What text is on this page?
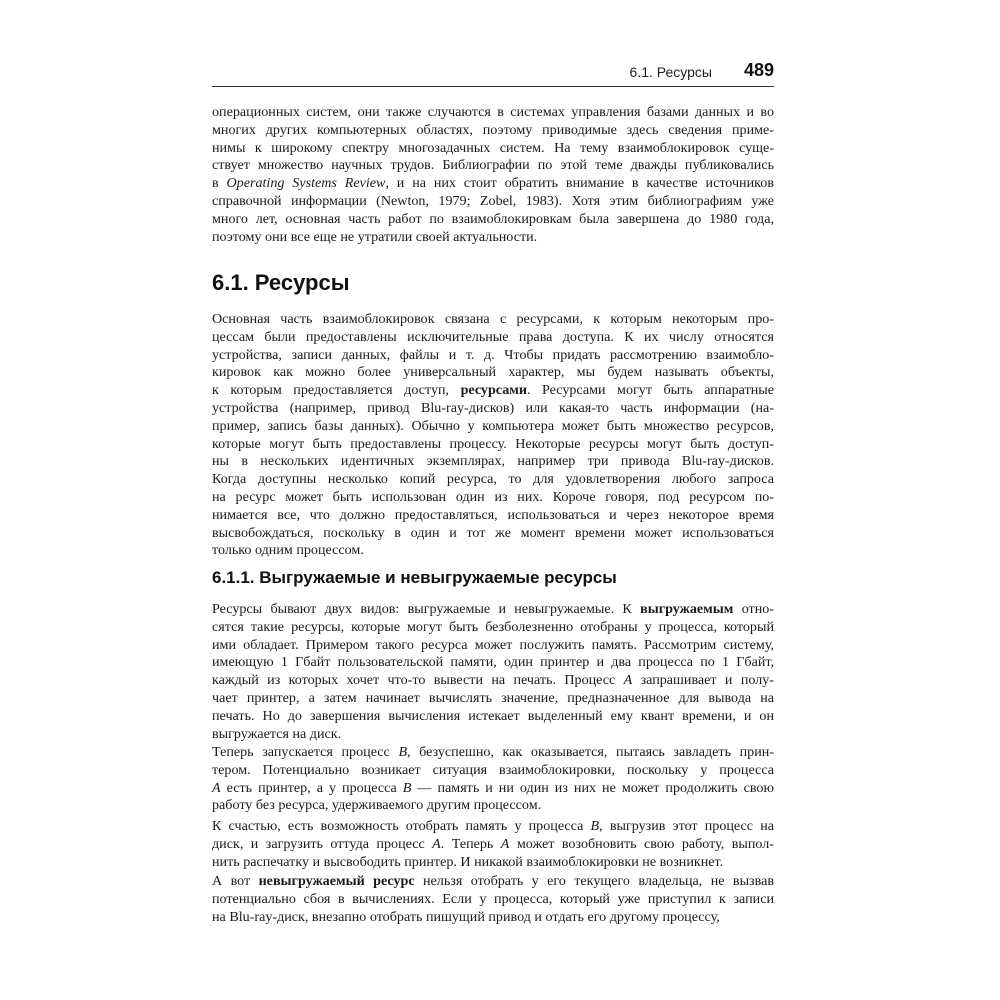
6.1. Ресурсы 489
операционных систем, они также случаются в системах управления базами данных и во
многих других компьютерных областях, поэтому приводимые здесь сведения приме-
нимы к широкому спектру многозадачных систем. На тему взаимоблокировок суще-
ствует множество научных трудов. Библиографии по этой теме дважды публиковались
в Operating Systems Review, и на них стоит обратить внимание в качестве источников
справочной информации (Newton, 1979; Zobel, 1983). Хотя этим библиографиям уже
много лет, основная часть работ по взаимоблокировкам была завершена до 1980 года,
поэтому они все еще не утратили своей актуальности.
6.1. Ресурсы
Основная часть взаимоблокировок связана с ресурсами, к которым некоторым про-
цессам были предоставлены исключительные права доступа. К их числу относятся
устройства, записи данных, файлы и т. д. Чтобы придать рассмотрению взаимобло-
кировок как можно более универсальный характер, мы будем называть объекты,
к которым предоставляется доступ, ресурсами. Ресурсами могут быть аппаратные
устройства (например, привод Blu-ray-дисков) или какая-то часть информации (на-
пример, запись базы данных). Обычно у компьютера может быть множество ресурсов,
которые могут быть предоставлены процессу. Некоторые ресурсы могут быть доступ-
ны в нескольких идентичных экземплярах, например три привода Blu-ray-дисков.
Когда доступны несколько копий ресурса, то для удовлетворения любого запроса
на ресурс может быть использован один из них. Короче говоря, под ресурсом по-
нимается все, что должно предоставляться, использоваться и через некоторое время
высвобождаться, поскольку в один и тот же момент времени может использоваться
только одним процессом.
6.1.1. Выгружаемые и невыгружаемые ресурсы
Ресурсы бывают двух видов: выгружаемые и невыгружаемые. К выгружаемым отно-
сятся такие ресурсы, которые могут быть безболезненно отобраны у процесса, который
ими обладает. Примером такого ресурса может послужить память. Рассмотрим систему,
имеющую 1 Гбайт пользовательской памяти, один принтер и два процесса по 1 Гбайт,
каждый из которых хочет что-то вывести на печать. Процесс A запрашивает и полу-
чает принтер, а затем начинает вычислять значение, предназначенное для вывода на
печать. Но до завершения вычисления истекает выделенный ему квант времени, и он
выгружается на диск.
Теперь запускается процесс B, безуспешно, как оказывается, пытаясь завладеть прин-
тером. Потенциально возникает ситуация взаимоблокировки, поскольку у процесса
A есть принтер, а у процесса B — память и ни один из них не может продолжить свою
работу без ресурса, удерживаемого другим процессом.
К счастью, есть возможность отобрать память у процесса B, выгрузив этот процесс на
диск, и загрузить оттуда процесс A. Теперь A может возобновить свою работу, выпол-
нить распечатку и высвободить принтер. И никакой взаимоблокировки не возникнет.
А вот невыгружаемый ресурс нельзя отобрать у его текущего владельца, не вызвав
потенциально сбоя в вычислениях. Если у процесса, который уже приступил к записи
на Blu-ray-диск, внезапно отобрать пишущий привод и отдать его другому процессу,
